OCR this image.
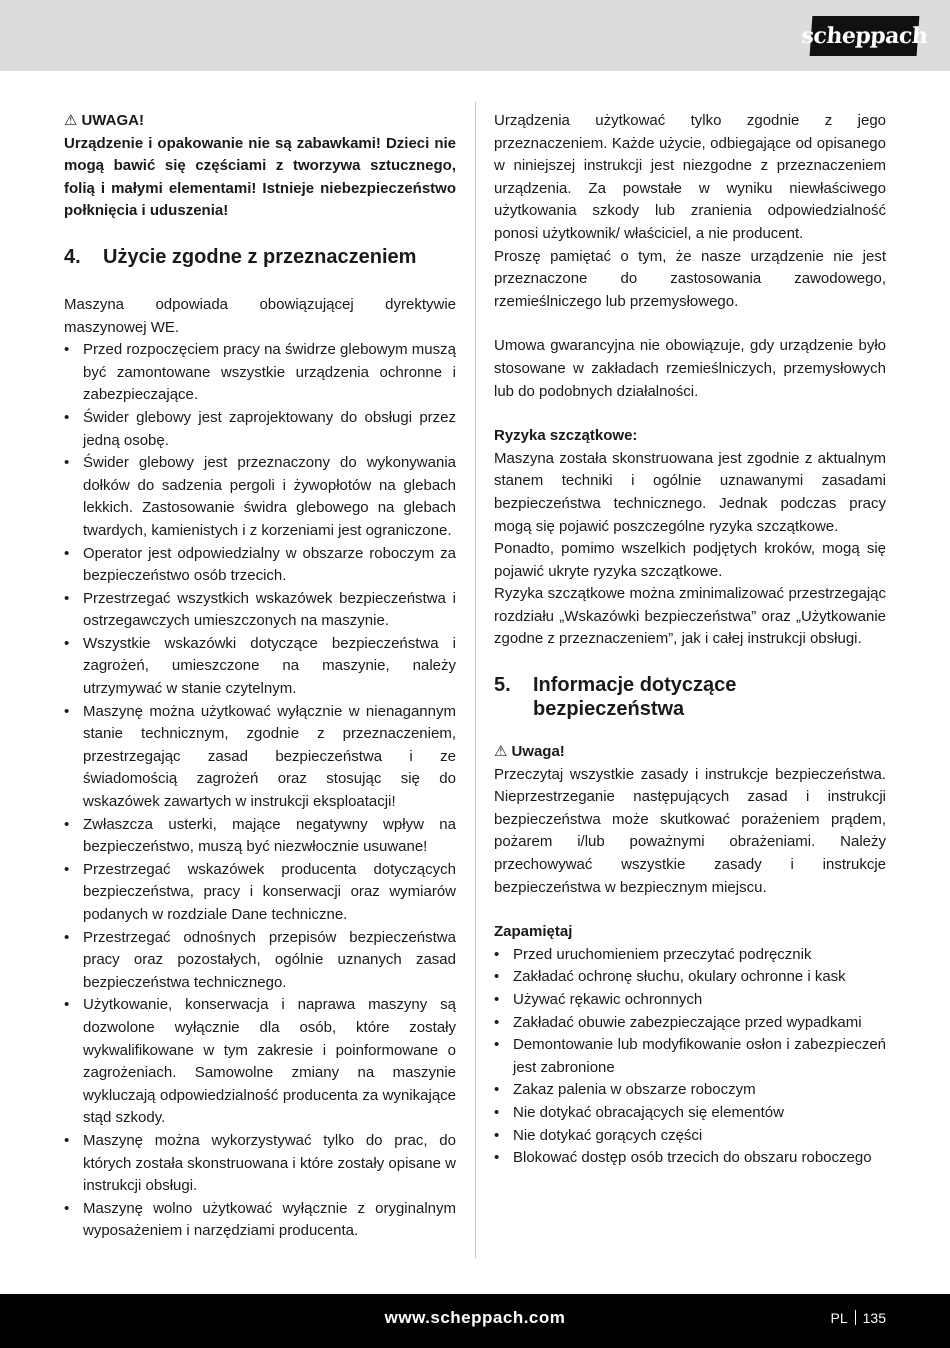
scheppach

⚠ UWAGA!

Urządzenie i opakowanie nie są zabawkami! Dzieci nie mogą bawić się częściami z tworzywa sztucznego, folią i małymi elementami! Istnieje niebezpieczeństwo połknięcia i uduszenia!

4.	Użycie zgodne z przeznaczeniem

Maszyna odpowiada obowiązującej dyrektywie maszynowej WE.

• Przed rozpoczęciem pracy na świdrze glebowym muszą być zamontowane wszystkie urządzenia ochronne i zabezpieczające.
• Świder glebowy jest zaprojektowany do obsługi przez jedną osobę.
• Świder glebowy jest przeznaczony do wykonywania dołków do sadzenia pergoli i żywopłotów na glebach lekkich. Zastosowanie świdra glebowego na glebach twardych, kamienistych i z korzeniami jest ograniczone.
• Operator jest odpowiedzialny w obszarze roboczym za bezpieczeństwo osób trzecich.
• Przestrzegać wszystkich wskazówek bezpieczeństwa i ostrzegawczych umieszczonych na maszynie.
• Wszystkie wskazówki dotyczące bezpieczeństwa i zagrożeń, umieszczone na maszynie, należy utrzymywać w stanie czytelnym.
• Maszynę można użytkować wyłącznie w nienagannym stanie technicznym, zgodnie z przeznaczeniem, przestrzegając zasad bezpieczeństwa i ze świadomością zagrożeń oraz stosując się do wskazówek zawartych w instrukcji eksploatacji!
• Zwłaszcza usterki, mające negatywny wpływ na bezpieczeństwo, muszą być niezwłocznie usuwane!
• Przestrzegać wskazówek producenta dotyczących bezpieczeństwa, pracy i konserwacji oraz wymiarów podanych w rozdziale Dane techniczne.
• Przestrzegać odnośnych przepisów bezpieczeństwa pracy oraz pozostałych, ogólnie uznanych zasad bezpieczeństwa technicznego.
• Użytkowanie, konserwacja i naprawa maszyny są dozwolone wyłącznie dla osób, które zostały wykwalifikowane w tym zakresie i poinformowane o zagrożeniach. Samowolne zmiany na maszynie wykluczają odpowiedzialność producenta za wynikające stąd szkody.
• Maszynę można wykorzystywać tylko do prac, do których została skonstruowana i które zostały opisane w instrukcji obsługi.
• Maszynę wolno użytkować wyłącznie z oryginalnym wyposażeniem i narzędziami producenta.

Urządzenia użytkować tylko zgodnie z jego przeznaczeniem. Każde użycie, odbiegające od opisanego w niniejszej instrukcji jest niezgodne z przeznaczeniem urządzenia. Za powstałe w wyniku niewłaściwego użytkowania szkody lub zranienia odpowiedzialność ponosi użytkownik/ właściciel, a nie producent.

Proszę pamiętać o tym, że nasze urządzenie nie jest przeznaczone do zastosowania zawodowego, rzemieślniczego lub przemysłowego.

Umowa gwarancyjna nie obowiązuje, gdy urządzenie było stosowane w zakładach rzemieślniczych, przemysłowych lub do podobnych działalności.

Ryzyka szczątkowe:

Maszyna została skonstruowana jest zgodnie z aktualnym stanem techniki i ogólnie uznawanymi zasadami bezpieczeństwa technicznego. Jednak podczas pracy mogą się pojawić poszczególne ryzyka szczątkowe.

Ponadto, pomimo wszelkich podjętych kroków, mogą się pojawić ukryte ryzyka szczątkowe.

Ryzyka szczątkowe można zminimalizować przestrzegając rozdziału „Wskazówki bezpieczeństwa” oraz „Użytkowanie zgodne z przeznaczeniem”, jak i całej instrukcji obsługi.

5.	Informacje dotyczące bezpieczeństwa

⚠ Uwaga!

Przeczytaj wszystkie zasady i instrukcje bezpieczeństwa. Nieprzestrzeganie następujących zasad i instrukcji bezpieczeństwa może skutkować porażeniem prądem, pożarem i/lub poważnymi obrażeniami. Należy przechowywać wszystkie zasady i instrukcje bezpieczeństwa w bezpiecznym miejscu.

Zapamiętaj

• Przed uruchomieniem przeczytać podręcznik
• Zakładać ochronę słuchu, okulary ochronne i kask
• Używać rękawic ochronnych
• Zakładać obuwie zabezpieczające przed wypadkami
• Demontowanie lub modyfikowanie osłon i zabezpieczeń jest zabronione
• Zakaz palenia w obszarze roboczym
• Nie dotykać obracających się elementów
• Nie dotykać gorących części
• Blokować dostęp osób trzecich do obszaru roboczego
www.scheppach.com	PL 135
